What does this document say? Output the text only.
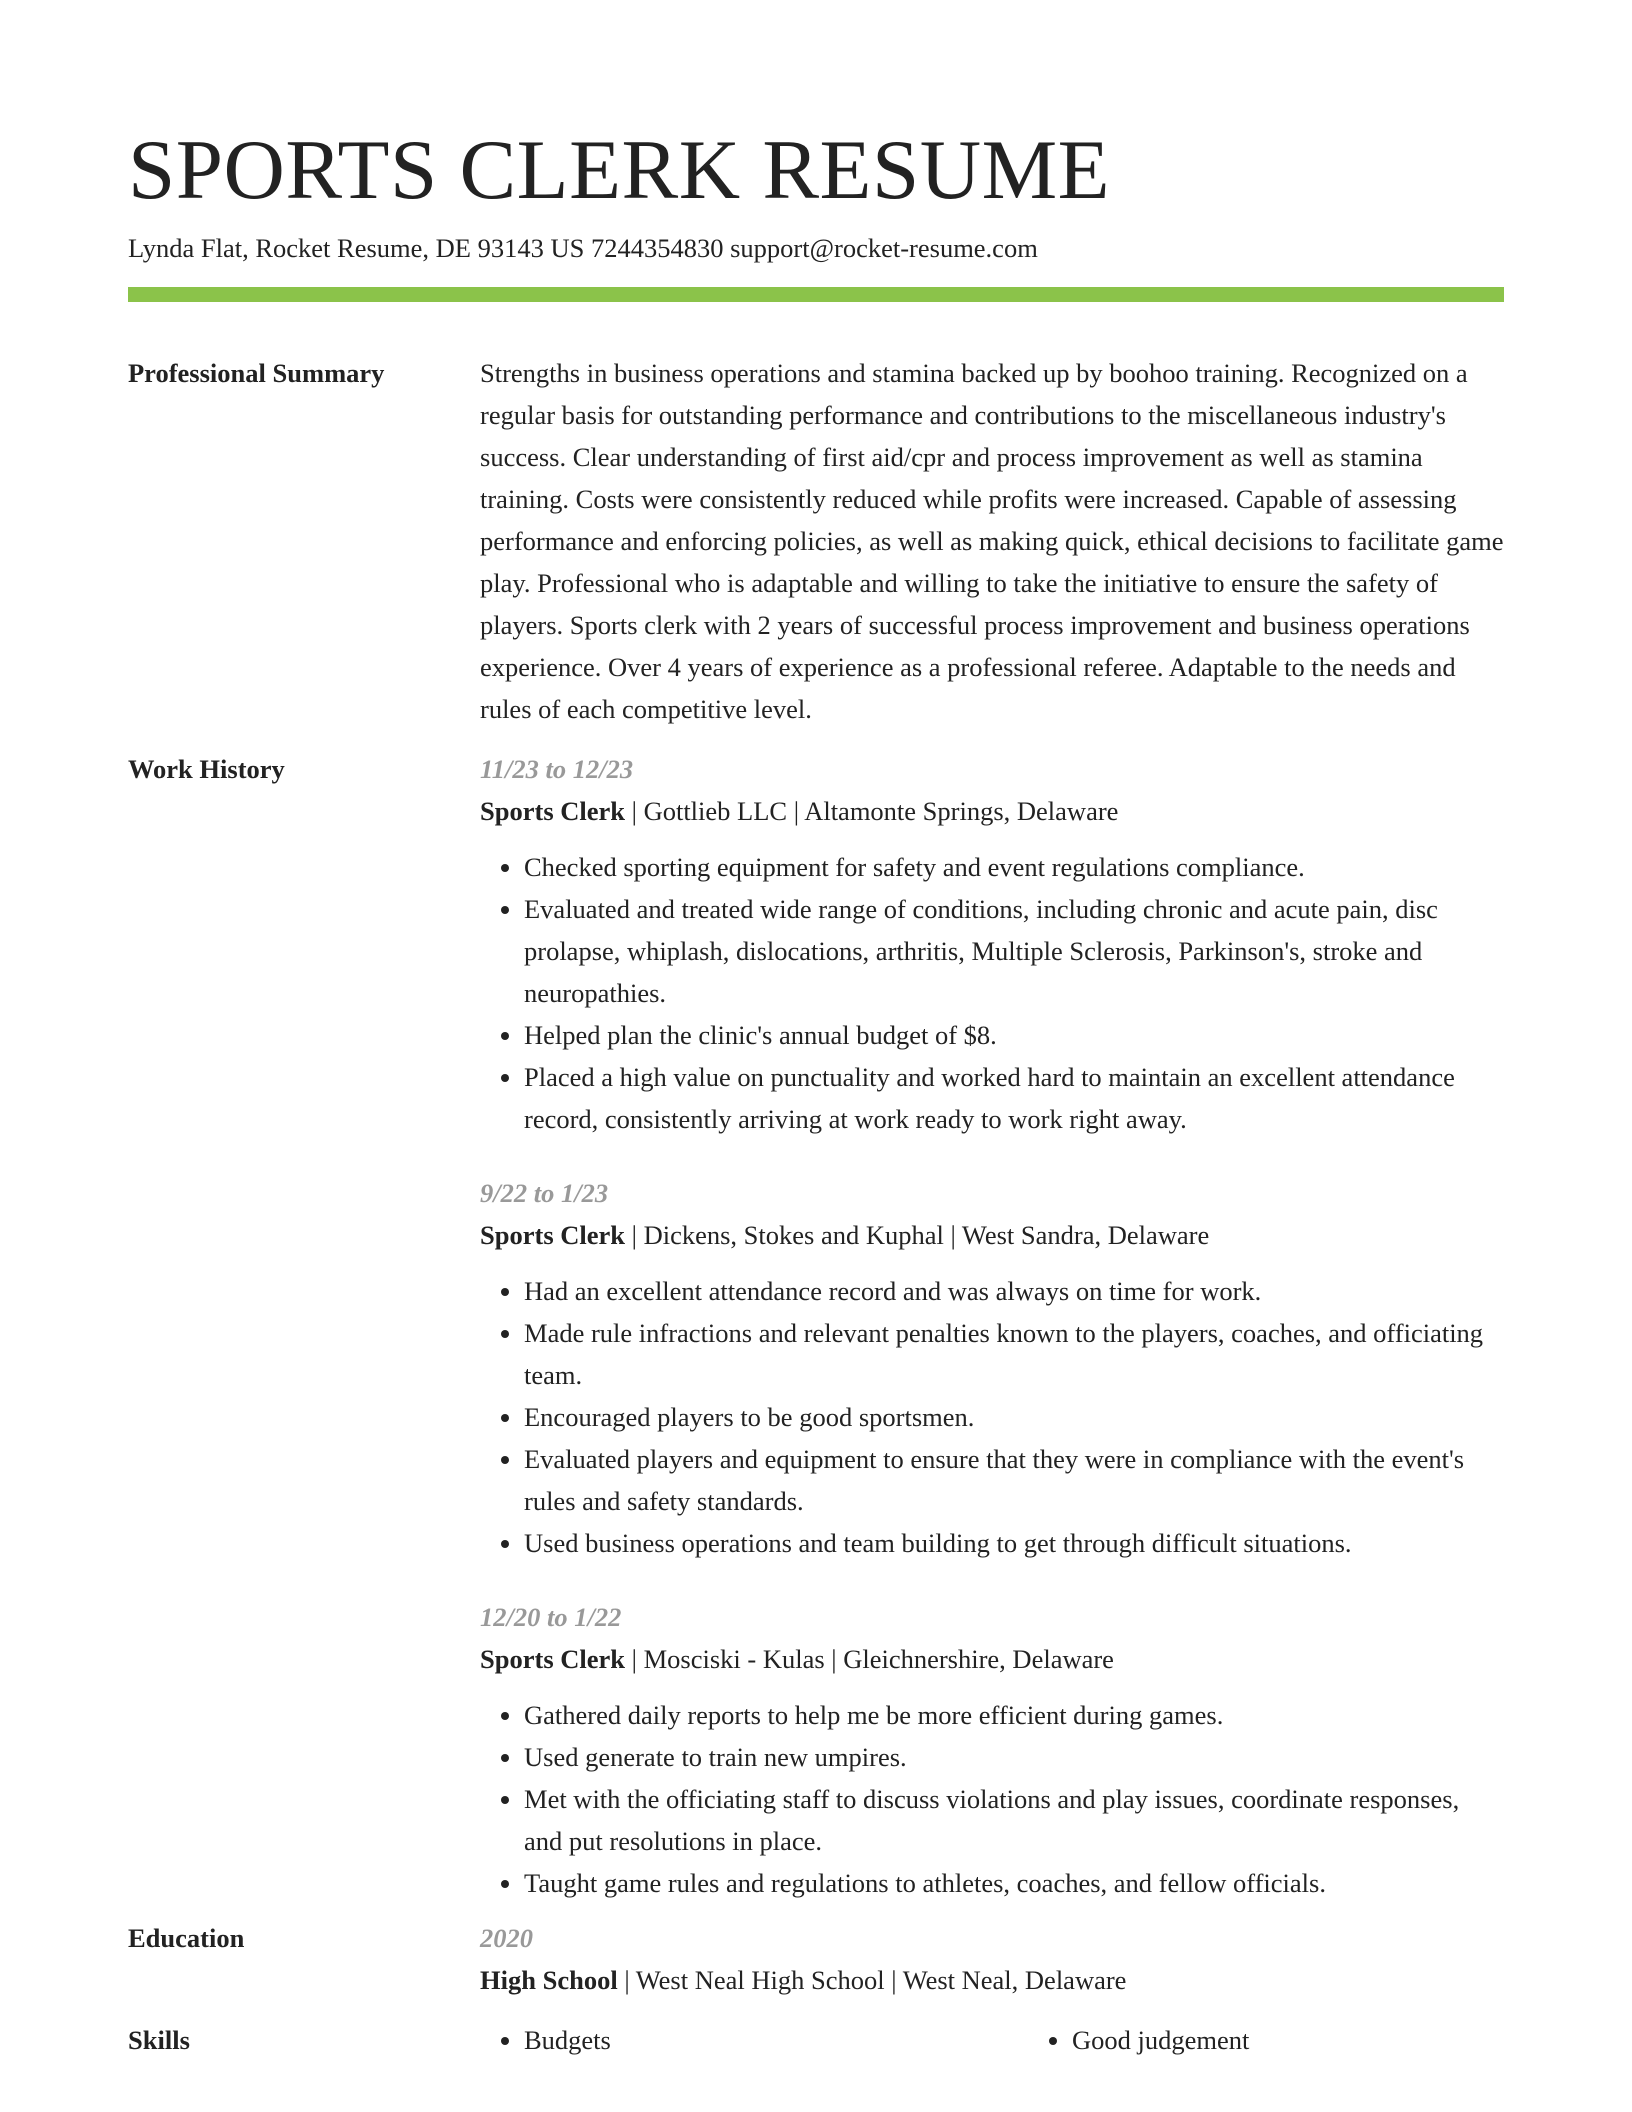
SPORTS CLERK RESUME
Lynda Flat, Rocket Resume, DE 93143 US 7244354830 support@rocket-resume.com
Professional Summary	Strengths in business operations and stamina backed up by boohoo training. Recognized on a regular basis for outstanding performance and contributions to the miscellaneous industry's success. Clear understanding of first aid/cpr and process improvement as well as stamina training. Costs were consistently reduced while profits were increased. Capable of assessing performance and enforcing policies, as well as making quick, ethical decisions to facilitate game play. Professional who is adaptable and willing to take the initiative to ensure the safety of players. Sports clerk with 2 years of successful process improvement and business operations experience. Over 4 years of experience as a professional referee. Adaptable to the needs and rules of each competitive level.
Work History	11/23 to 12/23
Sports Clerk | Gottlieb LLC | Altamonte Springs, Delaware
• Checked sporting equipment for safety and event regulations compliance.
• Evaluated and treated wide range of conditions, including chronic and acute pain, disc prolapse, whiplash, dislocations, arthritis, Multiple Sclerosis, Parkinson's, stroke and neuropathies.
• Helped plan the clinic's annual budget of $8.
• Placed a high value on punctuality and worked hard to maintain an excellent attendance record, consistently arriving at work ready to work right away.
9/22 to 1/23
Sports Clerk | Dickens, Stokes and Kuphal | West Sandra, Delaware
• Had an excellent attendance record and was always on time for work.
• Made rule infractions and relevant penalties known to the players, coaches, and officiating team.
• Encouraged players to be good sportsmen.
• Evaluated players and equipment to ensure that they were in compliance with the event's rules and safety standards.
• Used business operations and team building to get through difficult situations.
12/20 to 1/22
Sports Clerk | Mosciski - Kulas | Gleichnershire, Delaware
• Gathered daily reports to help me be more efficient during games.
• Used generate to train new umpires.
• Met with the officiating staff to discuss violations and play issues, coordinate responses, and put resolutions in place.
• Taught game rules and regulations to athletes, coaches, and fellow officials.
Education	2020
High School | West Neal High School | West Neal, Delaware
Skills	• Budgets	• Good judgement
